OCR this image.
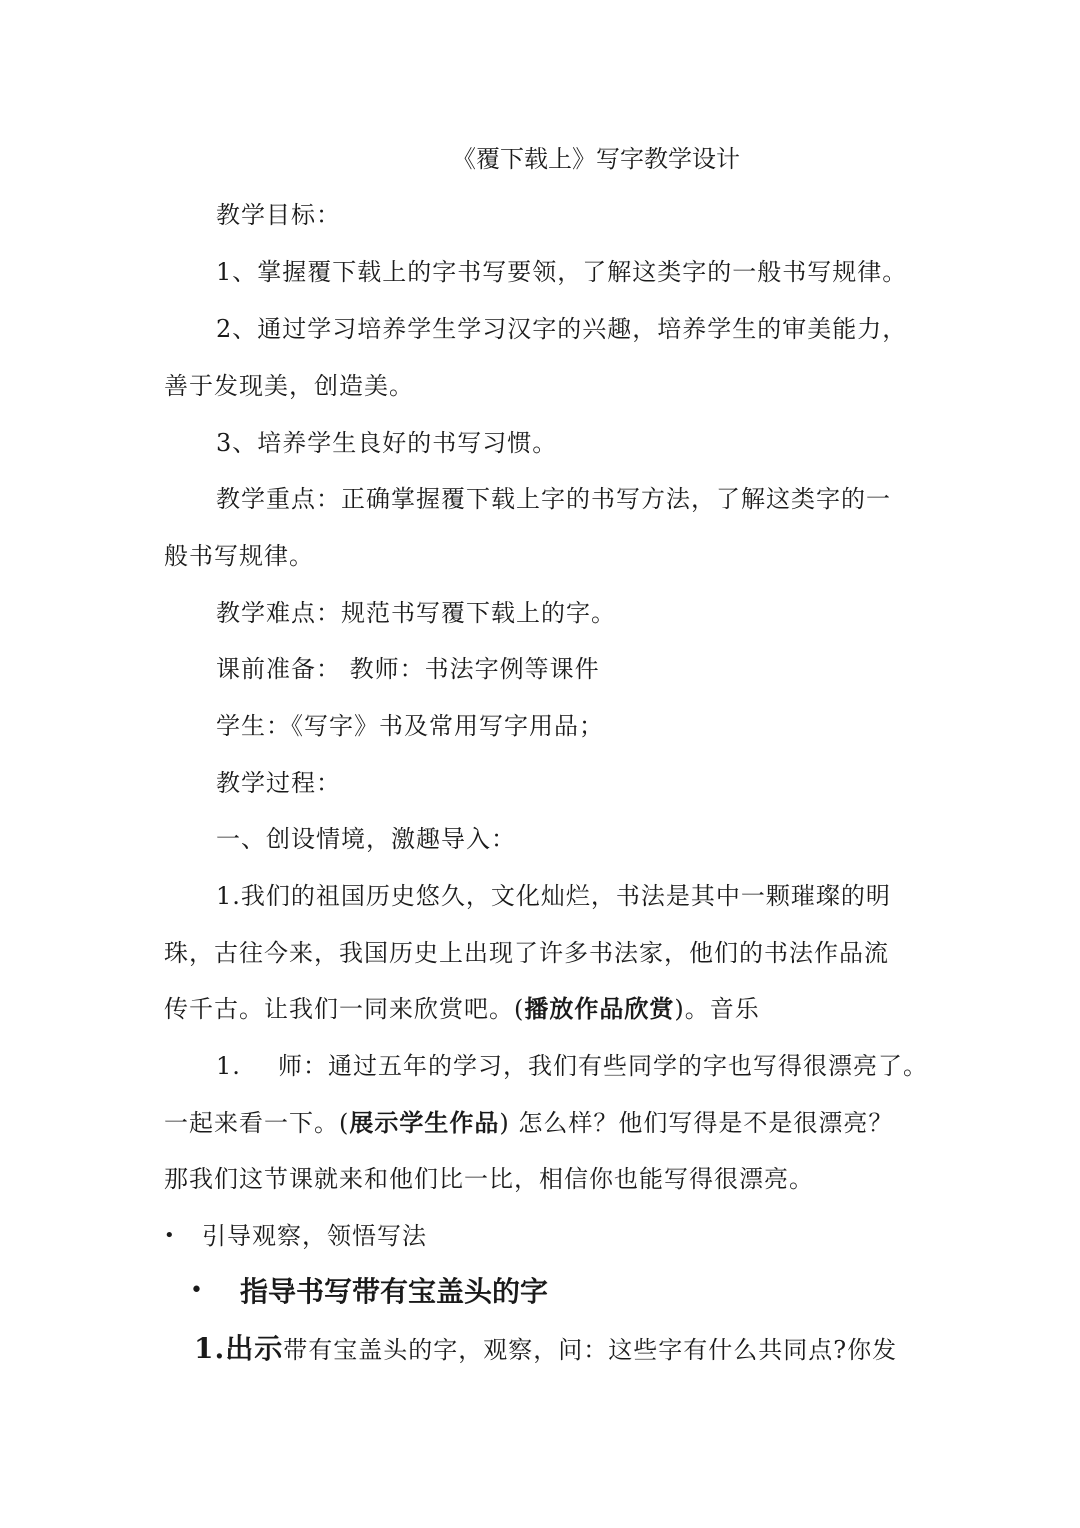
《覆下载上》写字教学设计
教学目标：
1、掌握覆下载上的字书写要领，了解这类字的一般书写规律。
2、通过学习培养学生学习汉字的兴趣，培养学生的审美能力，
善于发现美，创造美。
3、培养学生良好的书写习惯。
教学重点：正确掌握覆下载上字的书写方法，了解这类字的一
般书写规律。
教学难点：规范书写覆下载上的字。
课前准备： 教师：书法字例等课件
学生：《写字》书及常用写字用品；
教学过程：
一、创设情境，激趣导入：
1.我们的祖国历史悠久，文化灿烂，书法是其中一颗璀璨的明
珠，古往今来，我国历史上出现了许多书法家，他们的书法作品流
传千古。让我们一同来欣赏吧。(播放作品欣赏)。音乐
1. 师：通过五年的学习，我们有些同学的字也写得很漂亮了。
一起来看一下。(展示学生作品) 怎么样？他们写得是不是很漂亮？
那我们这节课就来和他们比一比，相信你也能写得很漂亮。
• 引导观察，领悟写法
• 指导书写带有宝盖头的字
1.出示带有宝盖头的字，观察，问：这些字有什么共同点?你发
